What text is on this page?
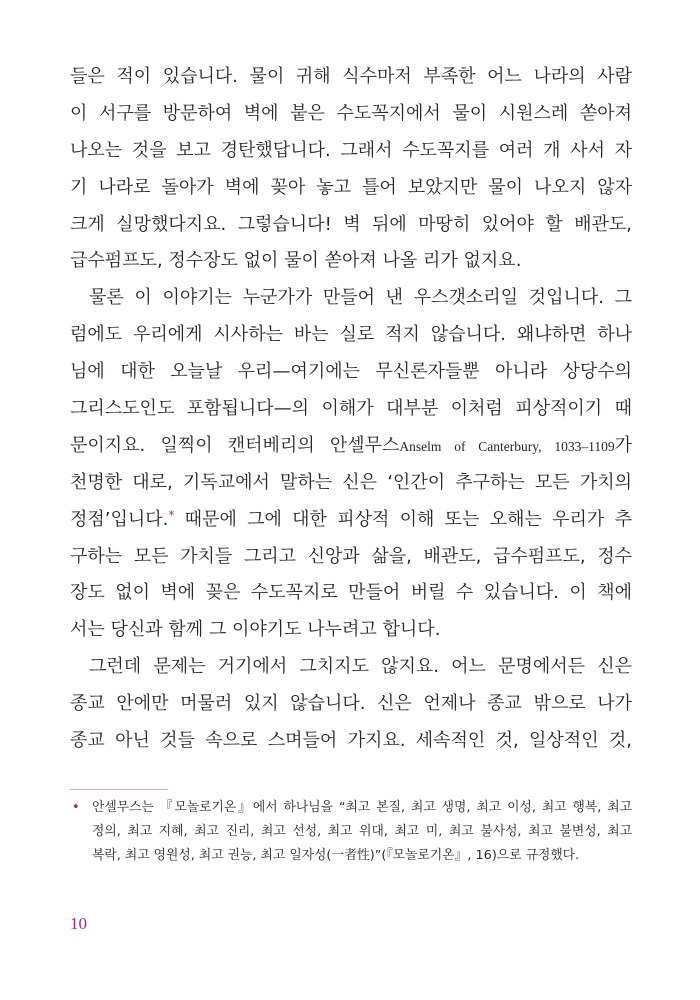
들은 적이 있습니다. 물이 귀해 식수마저 부족한 어느 나라의 사람
이 서구를 방문하여 벽에 붙은 수도꼭지에서 물이 시원스레 쏟아져
나오는 것을 보고 경탄했답니다. 그래서 수도꼭지를 여러 개 사서 자
기 나라로 돌아가 벽에 꽂아 놓고 틀어 보았지만 물이 나오지 않자
크게 실망했다지요. 그렇습니다! 벽 뒤에 마땅히 있어야 할 배관도,
급수펌프도, 정수장도 없이 물이 쏟아져 나올 리가 없지요.
물론 이 이야기는 누군가가 만들어 낸 우스갯소리일 것입니다. 그
럼에도 우리에게 시사하는 바는 실로 적지 않습니다. 왜냐하면 하나
님에 대한 오늘날 우리—여기에는 무신론자들뿐 아니라 상당수의
그리스도인도 포함됩니다—의 이해가 대부분 이처럼 피상적이기 때
문이지요. 일찍이 캔터베리의 안셀무스Anselm of Canterbury, 1033–1109가
천명한 대로, 기독교에서 말하는 신은 ‘인간이 추구하는 모든 가치의
정점’입니다.* 때문에 그에 대한 피상적 이해 또는 오해는 우리가 추
구하는 모든 가치들 그리고 신앙과 삶을, 배관도, 급수펌프도, 정수
장도 없이 벽에 꽂은 수도꼭지로 만들어 버릴 수 있습니다. 이 책에
서는 당신과 함께 그 이야기도 나누려고 합니다.
그런데 문제는 거기에서 그치지도 않지요. 어느 문명에서든 신은
종교 안에만 머물러 있지 않습니다. 신은 언제나 종교 밖으로 나가
종교 아닌 것들 속으로 스며들어 가지요. 세속적인 것, 일상적인 것,
• 안셀무스는 『모놀로기온』에서 하나님을 “최고 본질, 최고 생명, 최고 이성, 최고 행복, 최고
정의, 최고 지혜, 최고 진리, 최고 선성, 최고 위대, 최고 미, 최고 불사성, 최고 불변성, 최고
복락, 최고 영원성, 최고 권능, 최고 일자성(一者性)”(『모놀로기온』, 16)으로 규정했다.
10
